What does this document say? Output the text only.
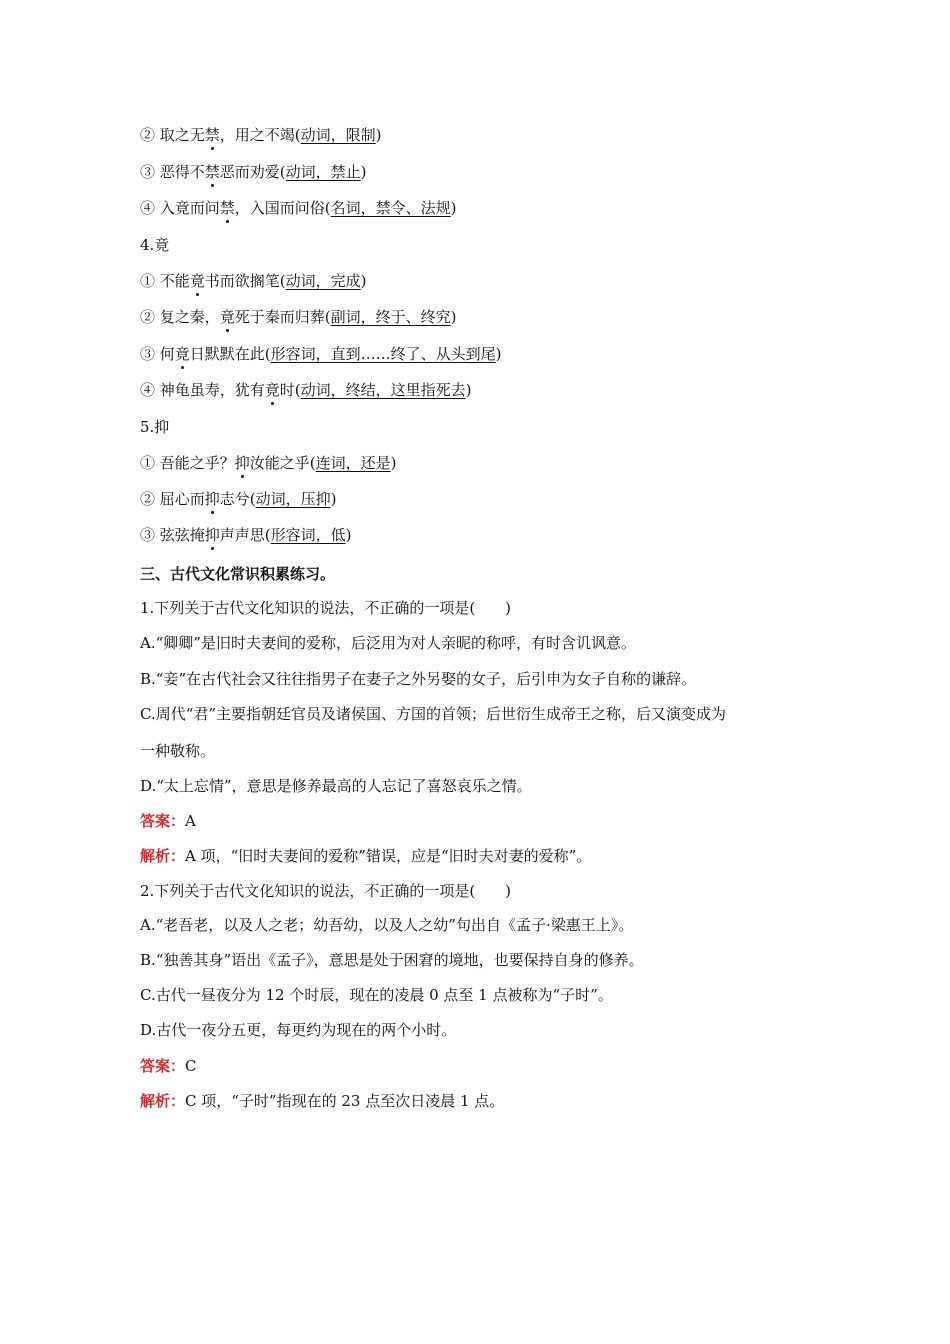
② 取之无禁，用之不竭(动词，限制)
③ 恶得不禁恶而劝爱(动词，禁止)
④ 入竟而问禁，入国而问俗(名词，禁令、法规)
4.竟
① 不能竟书而欲搁笔(动词，完成)
② 复之秦，竟死于秦而归葬(副词，终于、终究)
③ 何竟日默默在此(形容词，直到……终了、从头到尾)
④ 神龟虽寿，犹有竟时(动词，终结，这里指死去)
5.抑
① 吾能之乎？抑汝能之乎(连词，还是)
② 屈心而抑志兮(动词，压抑)
③ 弦弦掩抑声声思(形容词，低)
三、古代文化常识积累练习。
1.下列关于古代文化知识的说法，不正确的一项是(　　)
A.“卿卿”是旧时夫妻间的爱称，后泛用为对人亲昵的称呼，有时含讥讽意。
B.“妾”在古代社会又往往指男子在妻子之外另娶的女子，后引申为女子自称的谦辞。
C.周代“君”主要指朝廷官员及诸侯国、方国的首领；后世衍生成帝王之称，后又演变成为
一种敬称。
D.“太上忘情”，意思是修养最高的人忘记了喜怒哀乐之情。
答案：A
解析：A 项，“旧时夫妻间的爱称”错误，应是“旧时夫对妻的爱称”。
2.下列关于古代文化知识的说法，不正确的一项是(　　)
A.“老吾老，以及人之老；幼吾幼，以及人之幼”句出自《孟子·梁惠王上》。
B.“独善其身”语出《孟子》，意思是处于困窘的境地，也要保持自身的修养。
C.古代一昼夜分为 12 个时辰，现在的凌晨 0 点至 1 点被称为“子时”。
D.古代一夜分五更，每更约为现在的两个小时。
答案：C
解析：C 项，“子时”指现在的 23 点至次日凌晨 1 点。
